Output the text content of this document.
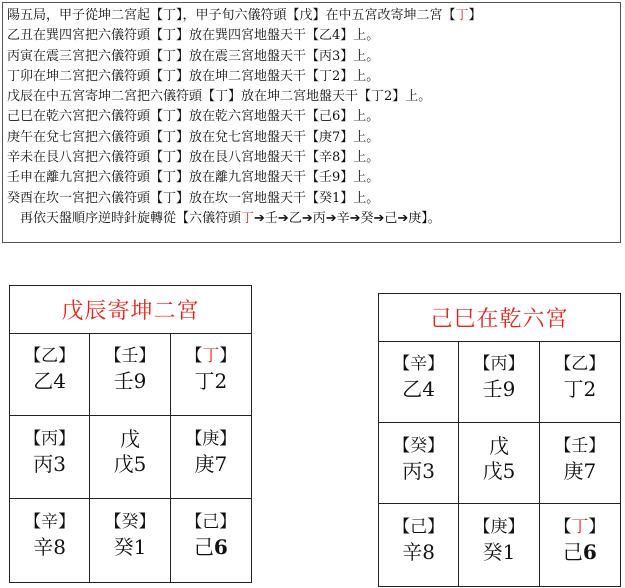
陽五局，甲子從坤二宮起【丁】，甲子旬六儀符頭【戊】在中五宮改寄坤二宮【丁】
乙丑在巽四宮把六儀符頭【丁】放在巽四宮地盤天干【乙4】上。
丙寅在震三宮把六儀符頭【丁】放在震三宮地盤天干【丙3】上。
丁卯在坤二宮把六儀符頭【丁】放在坤二宮地盤天干【丁2】上。
戊辰在中五宮寄坤二宮把六儀符頭【丁】放在坤二宮地盤天干【丁2】上。
己巳在乾六宮把六儀符頭【丁】放在乾六宮地盤天干【己6】上。
庚午在兌七宮把六儀符頭【丁】放在兌七宮地盤天干【庚7】上。
辛未在艮八宮把六儀符頭【丁】放在艮八宮地盤天干【辛8】上。
壬申在離九宮把六儀符頭【丁】放在離九宮地盤天干【壬9】上。
癸酉在坎一宮把六儀符頭【丁】放在坎一宮地盤天干【癸1】上。
　再依天盤順序逆時針旋轉從【六儀符頭丁➔壬➔乙➔丙➔辛➔癸➔己➔庚】。
戊辰寄坤二宮
【乙】
乙4
【壬】
壬9
【丁】
丁2
【丙】
丙3
戊
戊5
【庚】
庚7
【辛】
辛8
【癸】
癸1
【己】
己6
己巳在乾六宮
【辛】
乙4
【丙】
壬9
【乙】
丁2
【癸】
丙3
戊
戊5
【壬】
庚7
【己】
辛8
【庚】
癸1
【丁】
己6
